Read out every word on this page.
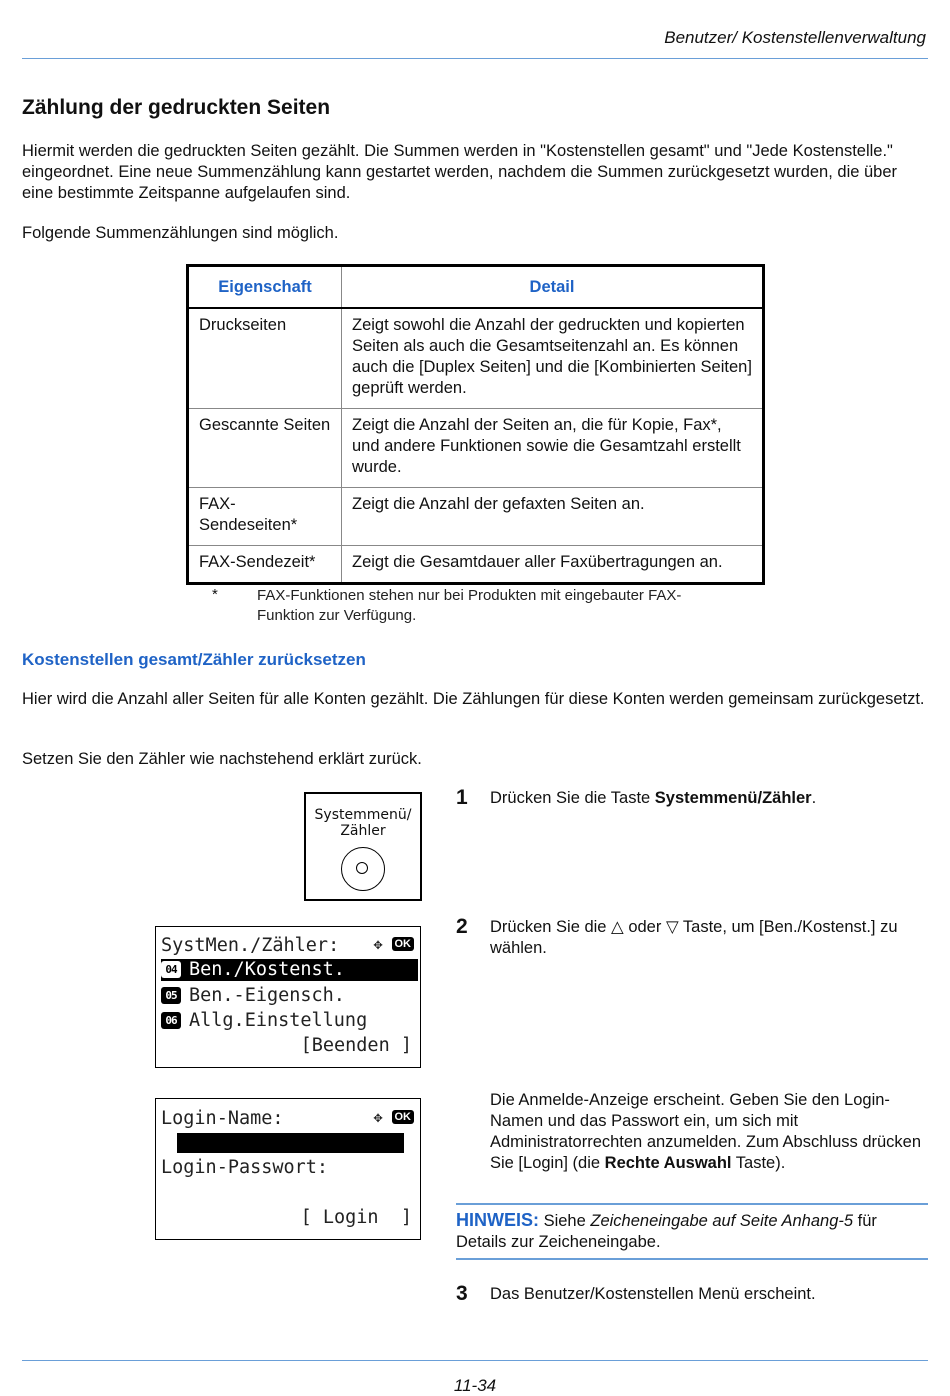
Benutzer/ Kostenstellenverwaltung
Zählung der gedruckten Seiten
Hiermit werden die gedruckten Seiten gezählt. Die Summen werden in "Kostenstellen gesamt" und "Jede Kostenstelle." eingeordnet. Eine neue Summenzählung kann gestartet werden, nachdem die Summen zurückgesetzt wurden, die über eine bestimmte Zeitspanne aufgelaufen sind.
Folgende Summenzählungen sind möglich.
Eigenschaft	Detail
Druckseiten	Zeigt sowohl die Anzahl der gedruckten und kopierten Seiten als auch die Gesamtseitenzahl an. Es können auch die [Duplex Seiten] und die [Kombinierten Seiten] geprüft werden.
Gescannte Seiten	Zeigt die Anzahl der Seiten an, die für Kopie, Fax*, und andere Funktionen sowie die Gesamtzahl erstellt wurde.
FAX-Sendeseiten*	Zeigt die Anzahl der gefaxten Seiten an.
FAX-Sendezeit*	Zeigt die Gesamtdauer aller Faxübertragungen an.
*	FAX-Funktionen stehen nur bei Produkten mit eingebauter FAX-Funktion zur Verfügung.
Kostenstellen gesamt/Zähler zurücksetzen
Hier wird die Anzahl aller Seiten für alle Konten gezählt. Die Zählungen für diese Konten werden gemeinsam zurückgesetzt.
Setzen Sie den Zähler wie nachstehend erklärt zurück.
Systemmenü/
Zähler
1 Drücken Sie die Taste Systemmenü/Zähler.
SystMen./Zähler: ✥ OK
04 Ben./Kostenst.
05 Ben.-Eigensch.
06 Allg.Einstellung
[Beenden ]
2 Drücken Sie die △ oder ▽ Taste, um [Ben./Kostenst.] zu wählen.
Login-Name:	✥ OK
Login-Passwort:
[ Login  ]
Die Anmelde-Anzeige erscheint. Geben Sie den Login-Namen und das Passwort ein, um sich mit Administratorrechten anzumelden. Zum Abschluss drücken Sie [Login] (die Rechte Auswahl Taste).
HINWEIS: Siehe Zeicheneingabe auf Seite Anhang-5 für Details zur Zeicheneingabe.
3 Das Benutzer/Kostenstellen Menü erscheint.
11-34
